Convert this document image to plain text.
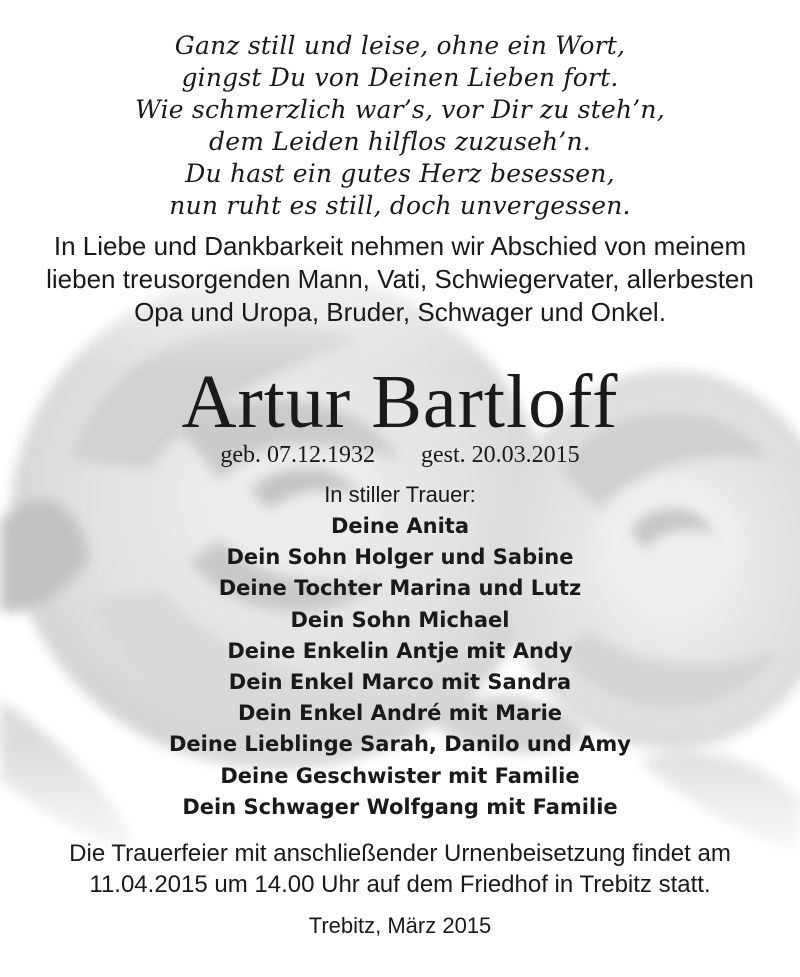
Ganz still und leise, ohne ein Wort,
gingst Du von Deinen Lieben fort.
Wie schmerzlich war’s, vor Dir zu steh’n,
dem Leiden hilflos zuzuseh’n.
Du hast ein gutes Herz besessen,
nun ruht es still, doch unvergessen.
In Liebe und Dankbarkeit nehmen wir Abschied von meinem
lieben treusorgenden Mann, Vati, Schwiegervater, allerbesten
Opa und Uropa, Bruder, Schwager und Onkel.
Artur Bartloff
geb. 07.12.1932 gest. 20.03.2015
In stiller Trauer:
Deine Anita
Dein Sohn Holger und Sabine
Deine Tochter Marina und Lutz
Dein Sohn Michael
Deine Enkelin Antje mit Andy
Dein Enkel Marco mit Sandra
Dein Enkel André mit Marie
Deine Lieblinge Sarah, Danilo und Amy
Deine Geschwister mit Familie
Dein Schwager Wolfgang mit Familie
Die Trauerfeier mit anschließender Urnenbeisetzung findet am
11.04.2015 um 14.00 Uhr auf dem Friedhof in Trebitz statt.
Trebitz, März 2015
